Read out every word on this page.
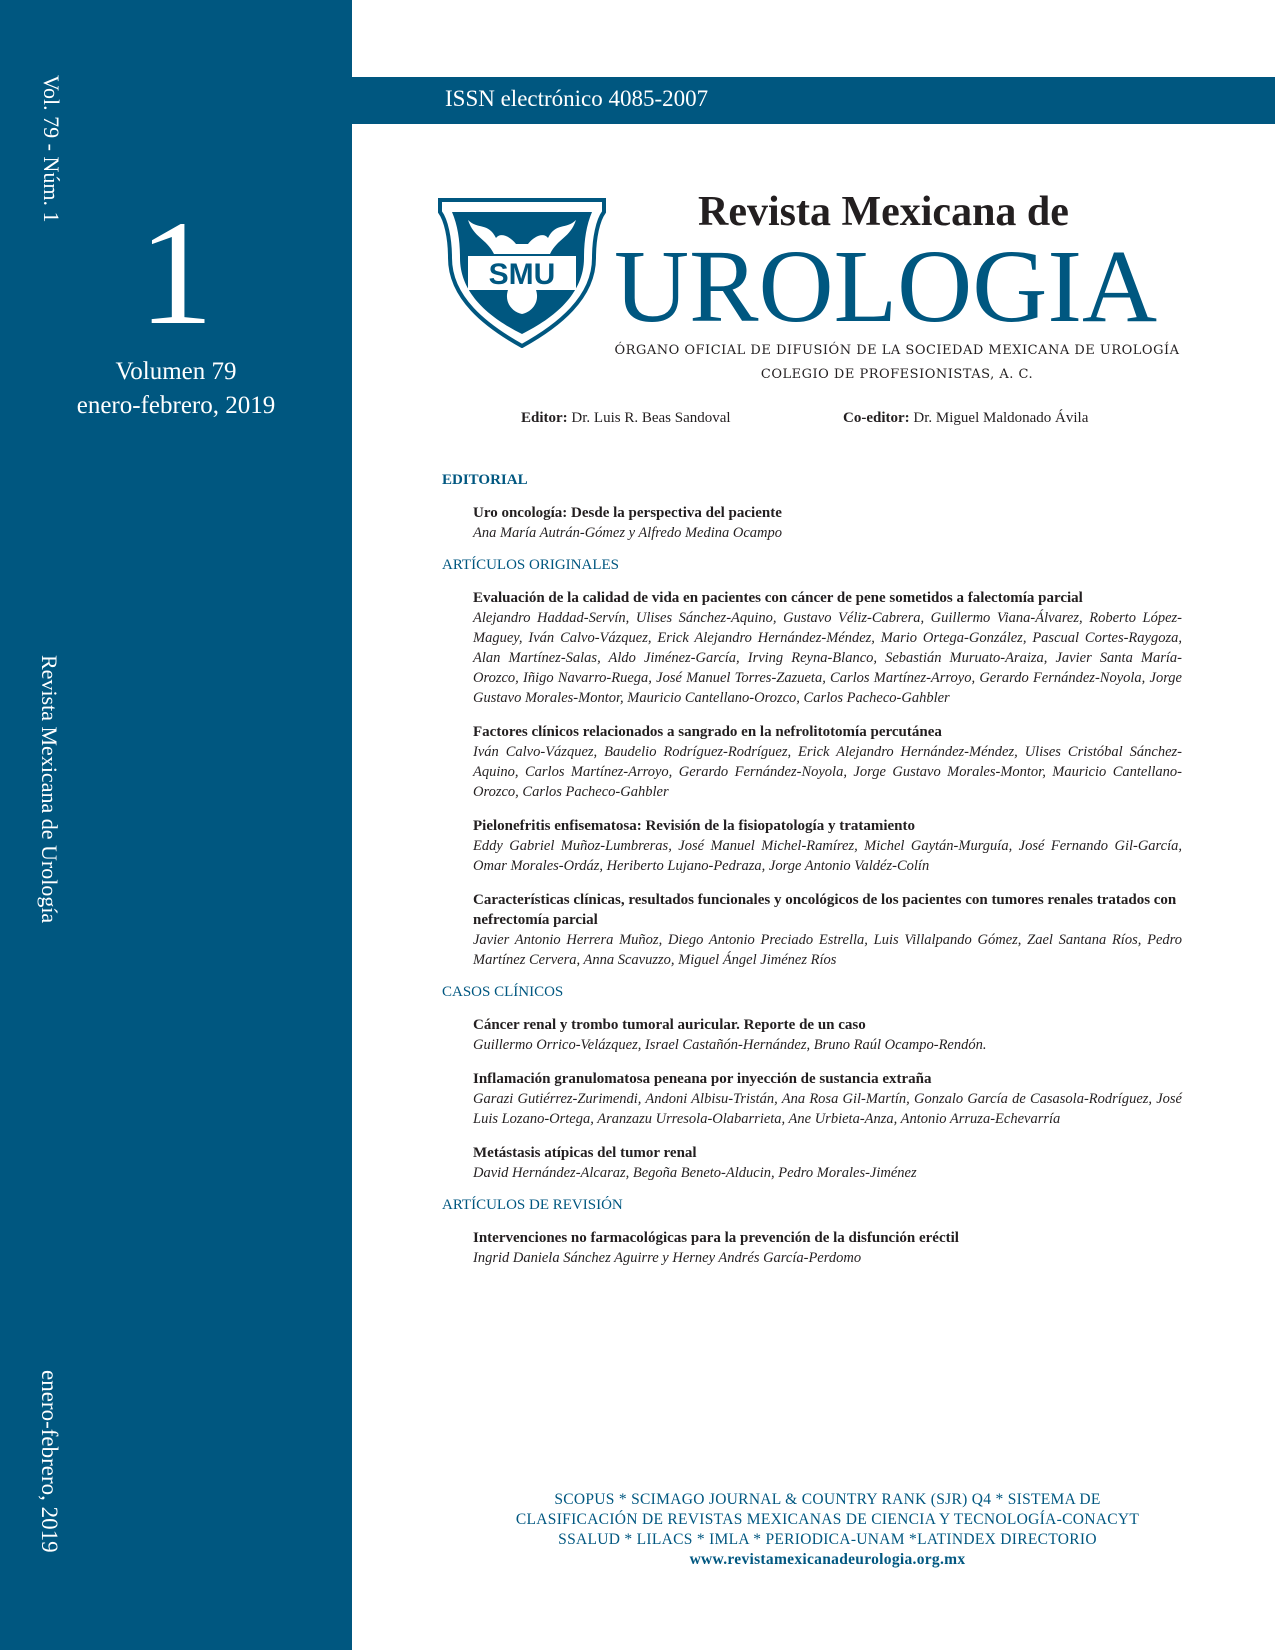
ISSN electrónico 4085-2007
Vol. 79 - Núm. 1
1
Volumen 79
enero-febrero, 2019
Revista Mexicana de Urología
enero-febrero, 2019
SMU
Revista Mexicana de
UROLOGIA
ÓRGANO OFICIAL DE DIFUSIÓN DE LA SOCIEDAD MEXICANA DE UROLOGÍA
COLEGIO DE PROFESIONISTAS, A. C.
Editor: Dr. Luis R. Beas Sandoval	Co-editor: Dr. Miguel Maldonado Ávila
EDITORIAL
Uro oncología: Desde la perspectiva del paciente
Ana María Autrán-Gómez y Alfredo Medina Ocampo
ARTÍCULOS ORIGINALES
Evaluación de la calidad de vida en pacientes con cáncer de pene sometidos a falectomía parcial
Alejandro Haddad-Servín, Ulises Sánchez-Aquino, Gustavo Véliz-Cabrera, Guillermo Viana-Álvarez, Roberto López-Maguey, Iván Calvo-Vázquez, Erick Alejandro Hernández-Méndez, Mario Ortega-González, Pascual Cortes-Raygoza, Alan Martínez-Salas, Aldo Jiménez-García, Irving Reyna-Blanco, Sebastián Muruato-Araiza, Javier Santa María-Orozco, Iñigo Navarro-Ruega, José Manuel Torres-Zazueta, Carlos Martínez-Arroyo, Gerardo Fernández-Noyola, Jorge Gustavo Morales-Montor, Mauricio Cantellano-Orozco, Carlos Pacheco-Gahbler
Factores clínicos relacionados a sangrado en la nefrolitotomía percutánea
Iván Calvo-Vázquez, Baudelio Rodríguez-Rodríguez, Erick Alejandro Hernández-Méndez, Ulises Cristóbal Sánchez-Aquino, Carlos Martínez-Arroyo, Gerardo Fernández-Noyola, Jorge Gustavo Morales-Montor, Mauricio Cantellano-Orozco, Carlos Pacheco-Gahbler
Pielonefritis enfisematosa: Revisión de la fisiopatología y tratamiento
Eddy Gabriel Muñoz-Lumbreras, José Manuel Michel-Ramírez, Michel Gaytán-Murguía, José Fernando Gil-García, Omar Morales-Ordáz, Heriberto Lujano-Pedraza, Jorge Antonio Valdéz-Colín
Características clínicas, resultados funcionales y oncológicos de los pacientes con tumores renales tratados con nefrectomía parcial
Javier Antonio Herrera Muñoz, Diego Antonio Preciado Estrella, Luis Villalpando Gómez, Zael Santana Ríos, Pedro Martínez Cervera, Anna Scavuzzo, Miguel Ángel Jiménez Ríos
CASOS CLÍNICOS
Cáncer renal y trombo tumoral auricular. Reporte de un caso
Guillermo Orrico-Velázquez, Israel Castañón-Hernández, Bruno Raúl Ocampo-Rendón.
Inflamación granulomatosa peneana por inyección de sustancia extraña
Garazi Gutiérrez-Zurimendi, Andoni Albisu-Tristán, Ana Rosa Gil-Martín, Gonzalo García de Casasola-Rodríguez, José Luis Lozano-Ortega, Aranzazu Urresola-Olabarrieta, Ane Urbieta-Anza, Antonio Arruza-Echevarría
Metástasis atípicas del tumor renal
David Hernández-Alcaraz, Begoña Beneto-Alducin, Pedro Morales-Jiménez
ARTÍCULOS DE REVISIÓN
Intervenciones no farmacológicas para la prevención de la disfunción eréctil
Ingrid Daniela Sánchez Aguirre y Herney Andrés García-Perdomo
SCOPUS * SCIMAGO JOURNAL & COUNTRY RANK (SJR) Q4 * SISTEMA DE
CLASIFICACIÓN DE REVISTAS MEXICANAS DE CIENCIA Y TECNOLOGÍA-CONACYT
SSALUD * LILACS * IMLA * PERIODICA-UNAM *LATINDEX DIRECTORIO
www.revistamexicanadeurologia.org.mx
